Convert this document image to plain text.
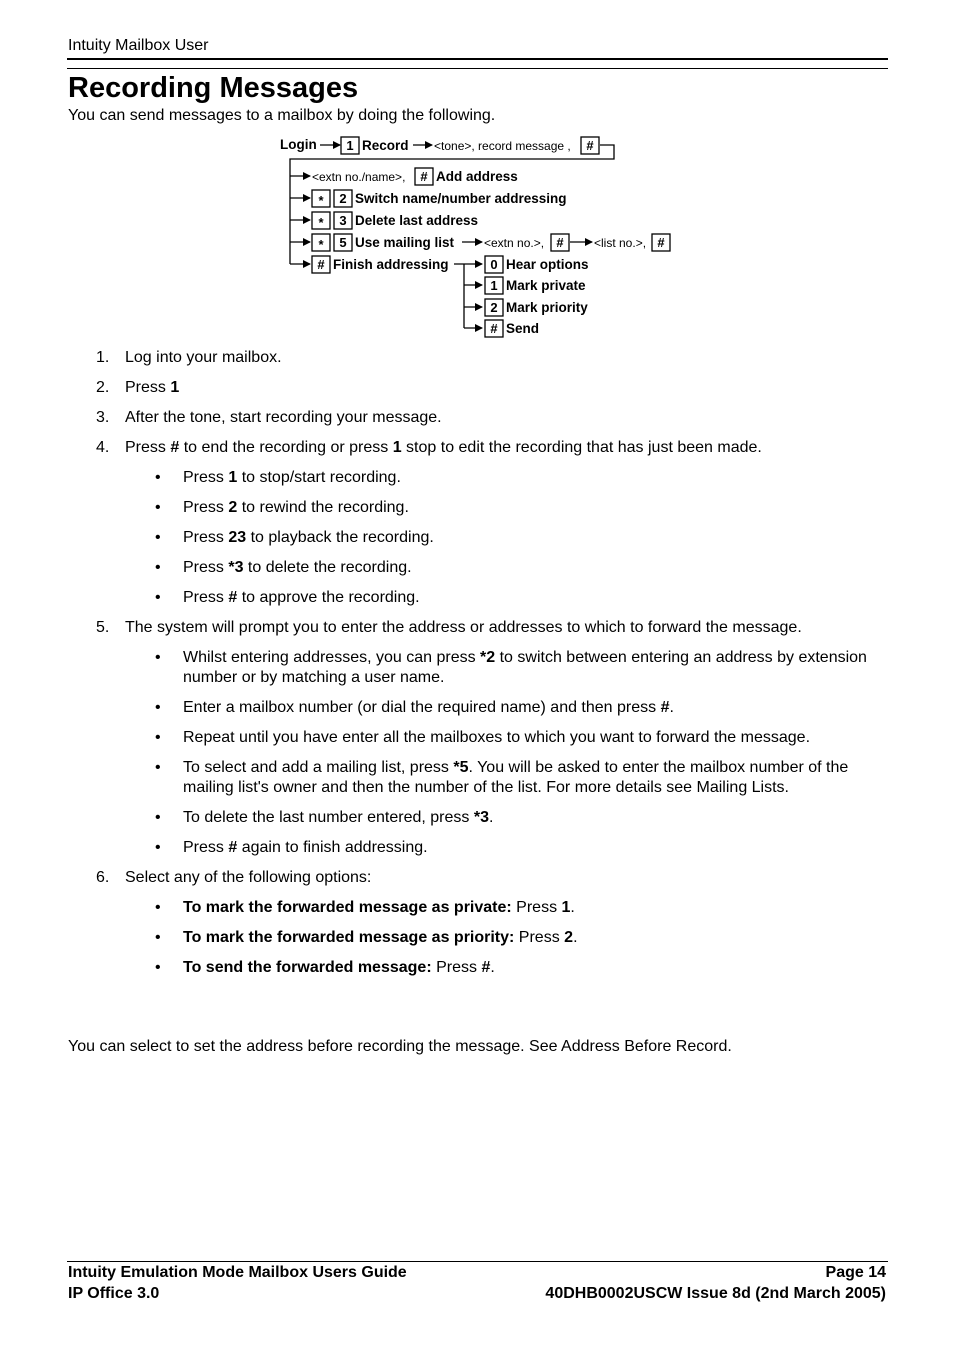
Intuity Mailbox User
Recording Messages

You can send messages to a mailbox by doing the following.

1	#
#
* 2
* 3
* 5	#	#
#	0
1
2
#
Login	Record <tone>, record message ,
<extn no./name>, Add address
Switch name/number addressing
Delete last address
Use mailing list <extn no.>,	<list no.>,
Finish addressing	Hear options
Mark private
Mark priority
Send
1. Log into your mailbox.
2. Press 1
3. After the tone, start recording your message.
4. Press # to end the recording or press 1 stop to edit the recording that has just been made.
• Press 1 to stop/start recording.
• Press 2 to rewind the recording.
• Press 23 to playback the recording.
• Press *3 to delete the recording.
• Press # to approve the recording.
5. The system will prompt you to enter the address or addresses to which to forward the message.
• Whilst entering addresses, you can press *2 to switch between entering an address by extension number or by matching a user name.
• Enter a mailbox number (or dial the required name) and then press #.
• Repeat until you have enter all the mailboxes to which you want to forward the message.
• To select and add a mailing list, press *5. You will be asked to enter the mailbox number of the mailing list's owner and then the number of the list. For more details see Mailing Lists.
• To delete the last number entered, press *3.
• Press # again to finish addressing.
6. Select any of the following options:
• To mark the forwarded message as private: Press 1.
• To mark the forwarded message as priority: Press 2.
• To send the forwarded message: Press #.

You can select to set the address before recording the message. See Address Before Record.

Intuity Emulation Mode Mailbox Users Guide	Page 14
IP Office 3.0	40DHB0002USCW Issue 8d (2nd March 2005)
